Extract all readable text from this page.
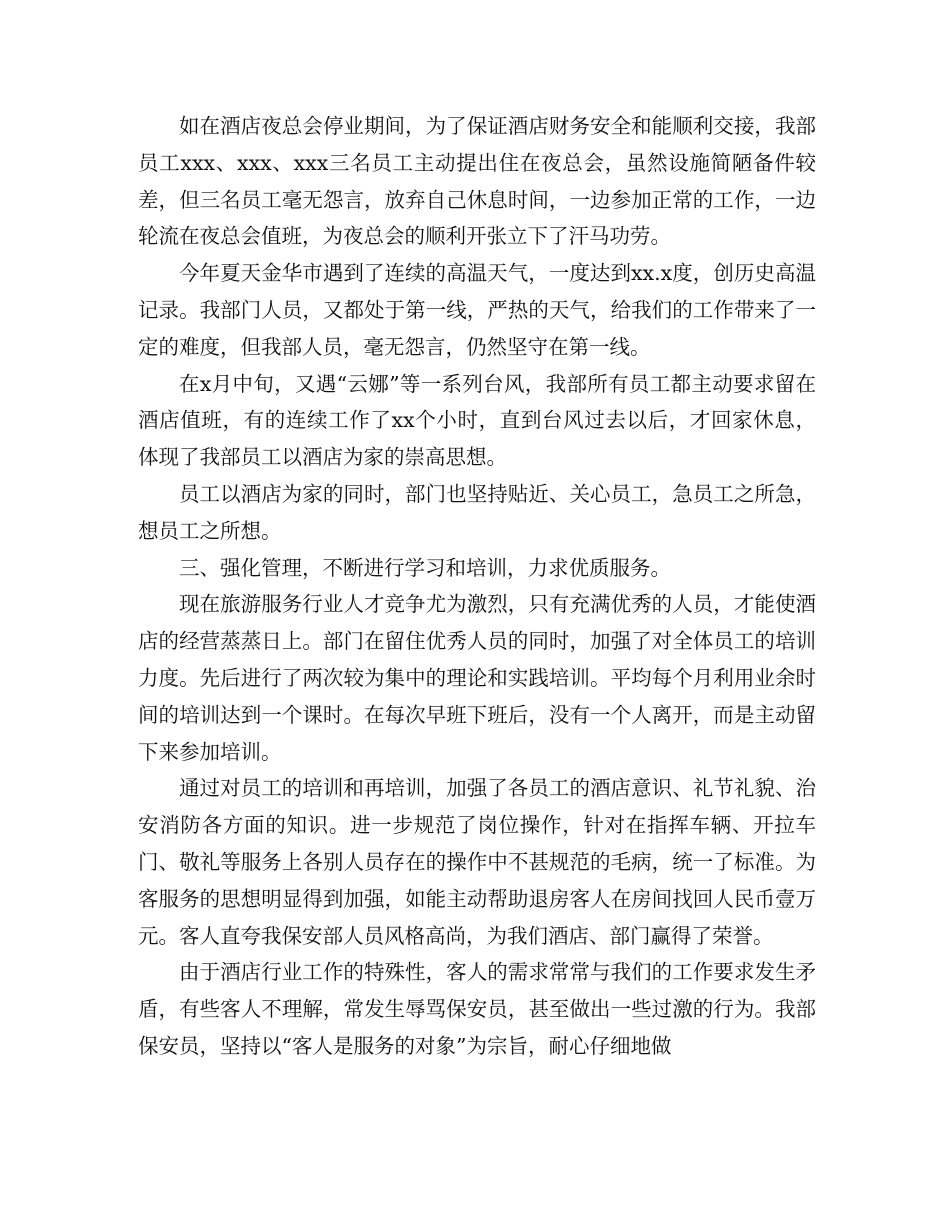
如在酒店夜总会停业期间，为了保证酒店财务安全和能顺利交接，我部员工xxx、xxx、xxx三名员工主动提出住在夜总会，虽然设施简陋备件较差，但三名员工毫无怨言，放弃自己休息时间，一边参加正常的工作，一边轮流在夜总会值班，为夜总会的顺利开张立下了汗马功劳。

今年夏天金华市遇到了连续的高温天气，一度达到xx.x度，创历史高温记录。我部门人员，又都处于第一线，严热的天气，给我们的工作带来了一定的难度，但我部人员，毫无怨言，仍然坚守在第一线。

在x月中旬，又遇“云娜”等一系列台风，我部所有员工都主动要求留在酒店值班，有的连续工作了xx个小时，直到台风过去以后，才回家休息，体现了我部员工以酒店为家的崇高思想。

员工以酒店为家的同时，部门也坚持贴近、关心员工，急员工之所急，想员工之所想。

三、强化管理，不断进行学习和培训，力求优质服务。

现在旅游服务行业人才竞争尤为激烈，只有充满优秀的人员，才能使酒店的经营蒸蒸日上。部门在留住优秀人员的同时，加强了对全体员工的培训力度。先后进行了两次较为集中的理论和实践培训。平均每个月利用业余时间的培训达到一个课时。在每次早班下班后，没有一个人离开，而是主动留下来参加培训。

通过对员工的培训和再培训，加强了各员工的酒店意识、礼节礼貌、治安消防各方面的知识。进一步规范了岗位操作，针对在指挥车辆、开拉车门、敬礼等服务上各别人员存在的操作中不甚规范的毛病，统一了标准。为客服务的思想明显得到加强，如能主动帮助退房客人在房间找回人民币壹万元。客人直夸我保安部人员风格高尚，为我们酒店、部门赢得了荣誉。

由于酒店行业工作的特殊性，客人的需求常常与我们的工作要求发生矛盾，有些客人不理解，常发生辱骂保安员，甚至做出一些过激的行为。我部保安员，坚持以“客人是服务的对象”为宗旨，耐心仔细地做
